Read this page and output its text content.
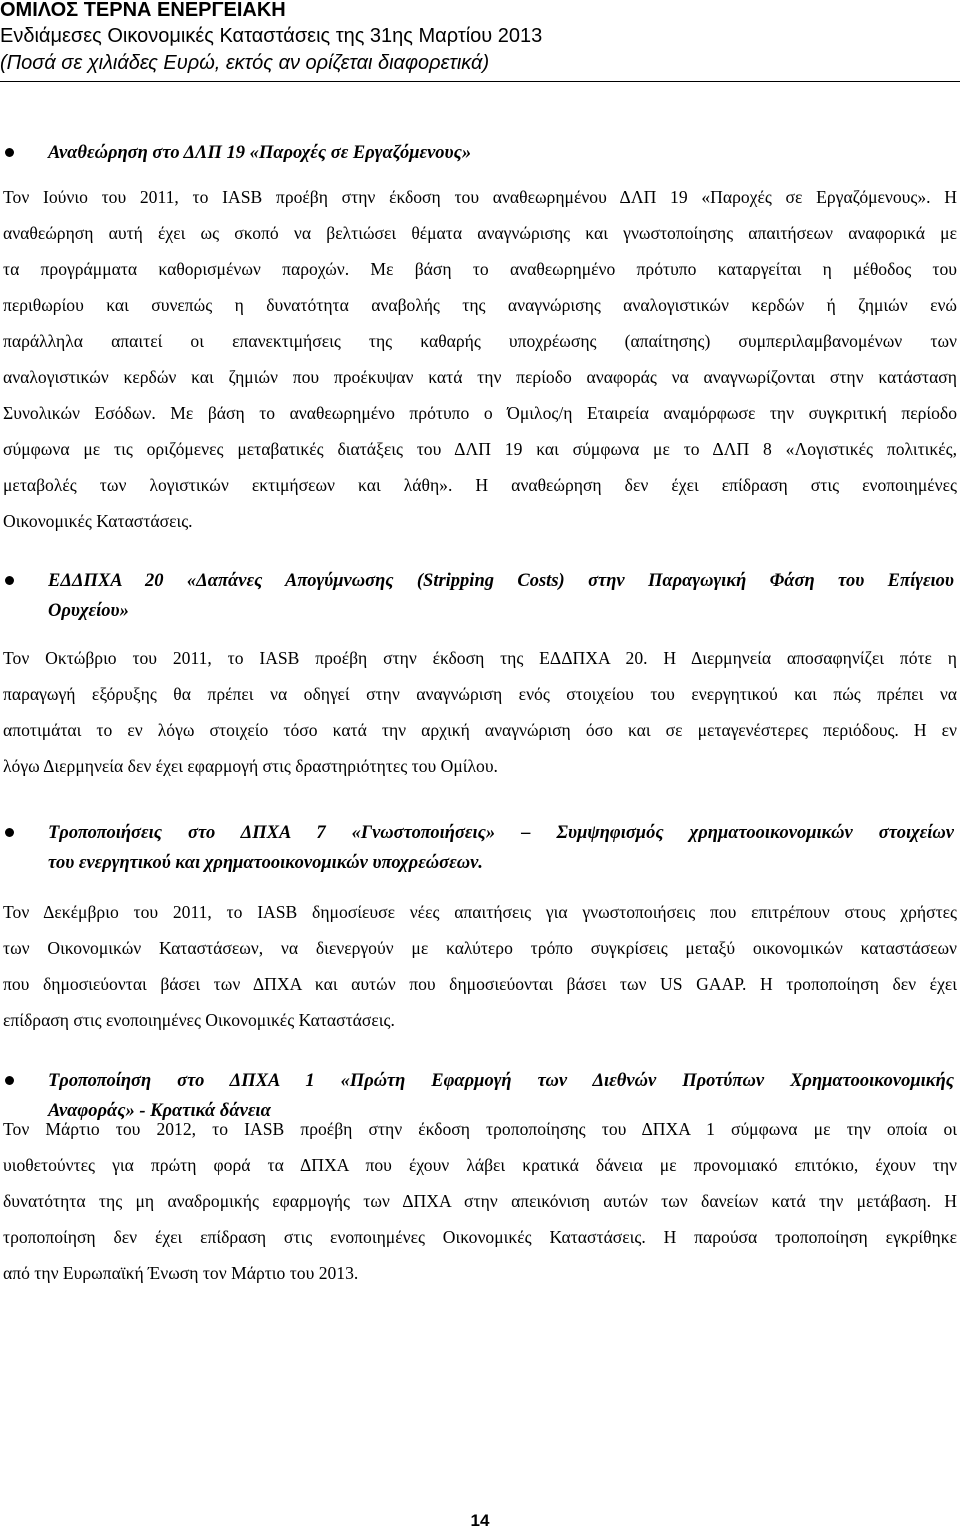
ΟΜΙΛΟΣ ΤΕΡΝΑ ΕΝΕΡΓΕΙΑΚΗ
Ενδιάμεσες Οικονομικές Καταστάσεις της 31ης Μαρτίου 2013
(Ποσά σε χιλιάδες Ευρώ, εκτός αν ορίζεται διαφορετικά)
Αναθεώρηση στο ΔΛΠ 19 «Παροχές σε Εργαζόμενους»
Τον Ιούνιο του 2011, το IASB προέβη στην έκδοση του αναθεωρημένου ΔΛΠ 19 «Παροχές σε Εργαζόμενους». Η
αναθεώρηση αυτή έχει ως σκοπό να βελτιώσει θέματα αναγνώρισης και γνωστοποίησης απαιτήσεων αναφορικά με
τα προγράμματα καθορισμένων παροχών. Με βάση το αναθεωρημένο πρότυπο καταργείται η μέθοδος του
περιθωρίου και συνεπώς η δυνατότητα αναβολής της αναγνώρισης αναλογιστικών κερδών ή ζημιών ενώ
παράλληλα απαιτεί οι επανεκτιμήσεις της καθαρής υποχρέωσης (απαίτησης) συμπεριλαμβανομένων των
αναλογιστικών κερδών και ζημιών που προέκυψαν κατά την περίοδο αναφοράς να αναγνωρίζονται στην κατάσταση
Συνολικών Εσόδων. Με βάση το αναθεωρημένο πρότυπο ο Όμιλος/η Εταιρεία αναμόρφωσε την συγκριτική περίοδο
σύμφωνα με τις οριζόμενες μεταβατικές διατάξεις του ΔΛΠ 19 και σύμφωνα με το ΔΛΠ 8 «Λογιστικές πολιτικές,
μεταβολές των λογιστικών εκτιμήσεων και λάθη». Η αναθεώρηση δεν έχει επίδραση στις ενοποιημένες
Οικονομικές Καταστάσεις.
ΕΔΔΠΧΑ 20 «Δαπάνες Απογύμνωσης (Stripping Costs) στην Παραγωγική Φάση του Επίγειου
Ορυχείου»
Τον Οκτώβριο του 2011, το IASB προέβη στην έκδοση της ΕΔΔΠΧΑ 20. Η Διερμηνεία αποσαφηνίζει πότε η
παραγωγή εξόρυξης θα πρέπει να οδηγεί στην αναγνώριση ενός στοιχείου του ενεργητικού και πώς πρέπει να
αποτιμάται το εν λόγω στοιχείο τόσο κατά την αρχική αναγνώριση όσο και σε μεταγενέστερες περιόδους. Η εν
λόγω Διερμηνεία δεν έχει εφαρμογή στις δραστηριότητες του Ομίλου.
Τροποποιήσεις στο ΔΠΧΑ 7 «Γνωστοποιήσεις» – Συμψηφισμός χρηματοοικονομικών στοιχείων
του ενεργητικού και χρηματοοικονομικών υποχρεώσεων.
Τον Δεκέμβριο του 2011, το IASB δημοσίευσε νέες απαιτήσεις για γνωστοποιήσεις που επιτρέπουν στους χρήστες
των Οικονομικών Καταστάσεων, να διενεργούν με καλύτερο τρόπο συγκρίσεις μεταξύ οικονομικών καταστάσεων
που δημοσιεύονται βάσει των ΔΠΧΑ και αυτών που δημοσιεύονται βάσει των US GAAP. Η τροποποίηση δεν έχει
επίδραση στις ενοποιημένες Οικονομικές Καταστάσεις.
Τροποποίηση στο ΔΠΧΑ 1 «Πρώτη Εφαρμογή των Διεθνών Προτύπων Χρηματοοικονομικής
Αναφοράς» - Κρατικά δάνεια
Τον Μάρτιο του 2012, το IASB προέβη στην έκδοση τροποποίησης του ΔΠΧΑ 1 σύμφωνα με την οποία οι
υιοθετούντες για πρώτη φορά τα ΔΠΧΑ που έχουν λάβει κρατικά δάνεια με προνομιακό επιτόκιο, έχουν την
δυνατότητα της μη αναδρομικής εφαρμογής των ΔΠΧΑ στην απεικόνιση αυτών των δανείων κατά την μετάβαση. Η
τροποποίηση δεν έχει επίδραση στις ενοποιημένες Οικονομικές Καταστάσεις. Η παρούσα τροποποίηση εγκρίθηκε
από την Ευρωπαϊκή Ένωση τον Μάρτιο του 2013.
14
